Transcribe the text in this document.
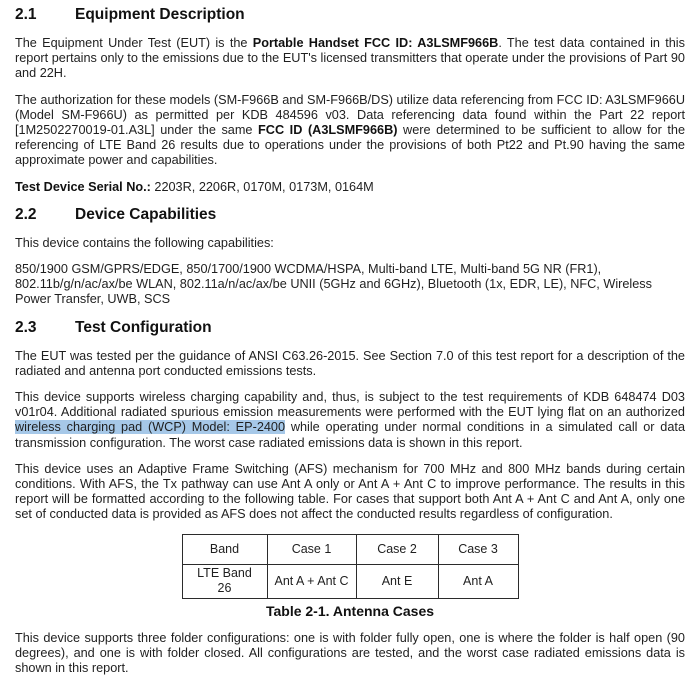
2.1	Equipment Description

The Equipment Under Test (EUT) is the Portable Handset FCC ID: A3LSMF966B. The test data contained in this report pertains only to the emissions due to the EUT's licensed transmitters that operate under the provisions of Part 90 and 22H.

The authorization for these models (SM-F966B and SM-F966B/DS) utilize data referencing from FCC ID: A3LSMF966U (Model SM-F966U) as permitted per KDB 484596 v03. Data referencing data found within the Part 22 report [1M2502270019-01.A3L] under the same FCC ID (A3LSMF966B) were determined to be sufficient to allow for the referencing of LTE Band 26 results due to operations under the provisions of both Pt22 and Pt.90 having the same approximate power and capabilities.

Test Device Serial No.: 2203R, 2206R, 0170M, 0173M, 0164M

2.2	Device Capabilities

This device contains the following capabilities:

850/1900 GSM/GPRS/EDGE, 850/1700/1900 WCDMA/HSPA, Multi-band LTE, Multi-band 5G NR (FR1), 802.11b/g/n/ac/ax/be WLAN, 802.11a/n/ac/ax/be UNII (5GHz and 6GHz), Bluetooth (1x, EDR, LE), NFC, Wireless Power Transfer, UWB, SCS

2.3	Test Configuration

The EUT was tested per the guidance of ANSI C63.26-2015. See Section 7.0 of this test report for a description of the radiated and antenna port conducted emissions tests.

This device supports wireless charging capability and, thus, is subject to the test requirements of KDB 648474 D03 v01r04. Additional radiated spurious emission measurements were performed with the EUT lying flat on an authorized wireless charging pad (WCP) Model: EP-2400 while operating under normal conditions in a simulated call or data transmission configuration. The worst case radiated emissions data is shown in this report.

This device uses an Adaptive Frame Switching (AFS) mechanism for 700 MHz and 800 MHz bands during certain conditions. With AFS, the Tx pathway can use Ant A only or Ant A + Ant C to improve performance. The results in this report will be formatted according to the following table. For cases that support both Ant A + Ant C and Ant A, only one set of conducted data is provided as AFS does not affect the conducted results regardless of configuration.

Band	Case 1	Case 2	Case 3
LTE Band 26	Ant A + Ant C	Ant E	Ant A
Table 2-1. Antenna Cases

This device supports three folder configurations: one is with folder fully open, one is where the folder is half open (90 degrees), and one is with folder closed. All configurations are tested, and the worst case radiated emissions data is shown in this report.
